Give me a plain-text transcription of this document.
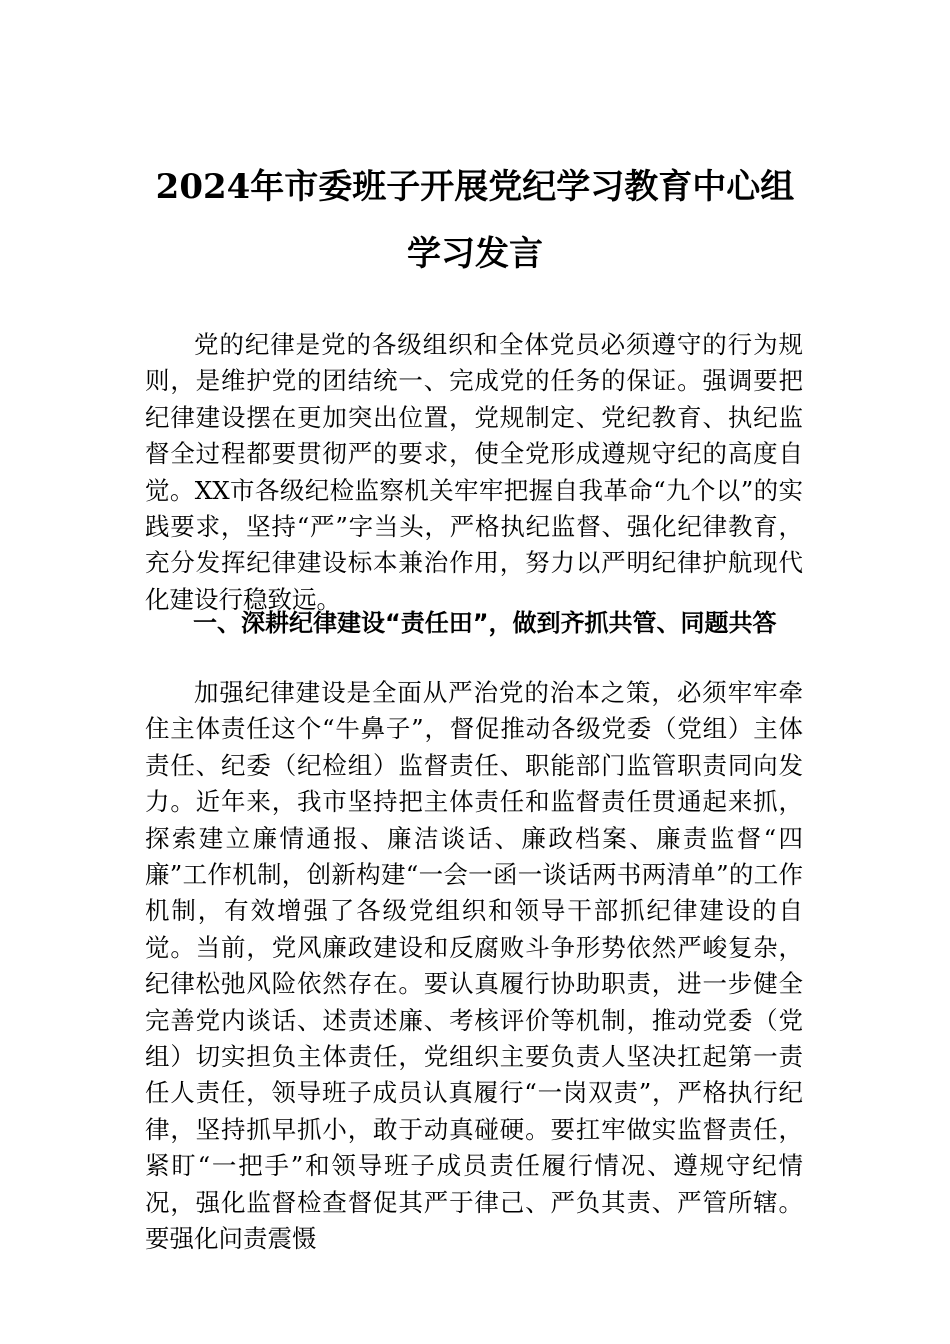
2024年市委班子开展党纪学习教育中心组
学习发言

党的纪律是党的各级组织和全体党员必须遵守的行为规则，是维护党的团结统一、完成党的任务的保证。强调要把纪律建设摆在更加突出位置，党规制定、党纪教育、执纪监督全过程都要贯彻严的要求，使全党形成遵规守纪的高度自觉。XX市各级纪检监察机关牢牢把握自我革命“九个以”的实践要求，坚持“严”字当头，严格执纪监督、强化纪律教育，充分发挥纪律建设标本兼治作用，努力以严明纪律护航现代化建设行稳致远。

一、深耕纪律建设“责任田”，做到齐抓共管、同题共答

加强纪律建设是全面从严治党的治本之策，必须牢牢牵住主体责任这个“牛鼻子”，督促推动各级党委（党组）主体责任、纪委（纪检组）监督责任、职能部门监管职责同向发力。近年来，我市坚持把主体责任和监督责任贯通起来抓，探索建立廉情通报、廉洁谈话、廉政档案、廉责监督“四廉”工作机制，创新构建“一会一函一谈话两书两清单”的工作机制，有效增强了各级党组织和领导干部抓纪律建设的自觉。当前，党风廉政建设和反腐败斗争形势依然严峻复杂，纪律松弛风险依然存在。要认真履行协助职责，进一步健全完善党内谈话、述责述廉、考核评价等机制，推动党委（党组）切实担负主体责任，党组织主要负责人坚决扛起第一责任人责任，领导班子成员认真履行“一岗双责”，严格执行纪律，坚持抓早抓小，敢于动真碰硬。要扛牢做实监督责任，紧盯“一把手”和领导班子成员责任履行情况、遵规守纪情况，强化监督检查督促其严于律己、严负其责、严管所辖。要强化问责震慑
